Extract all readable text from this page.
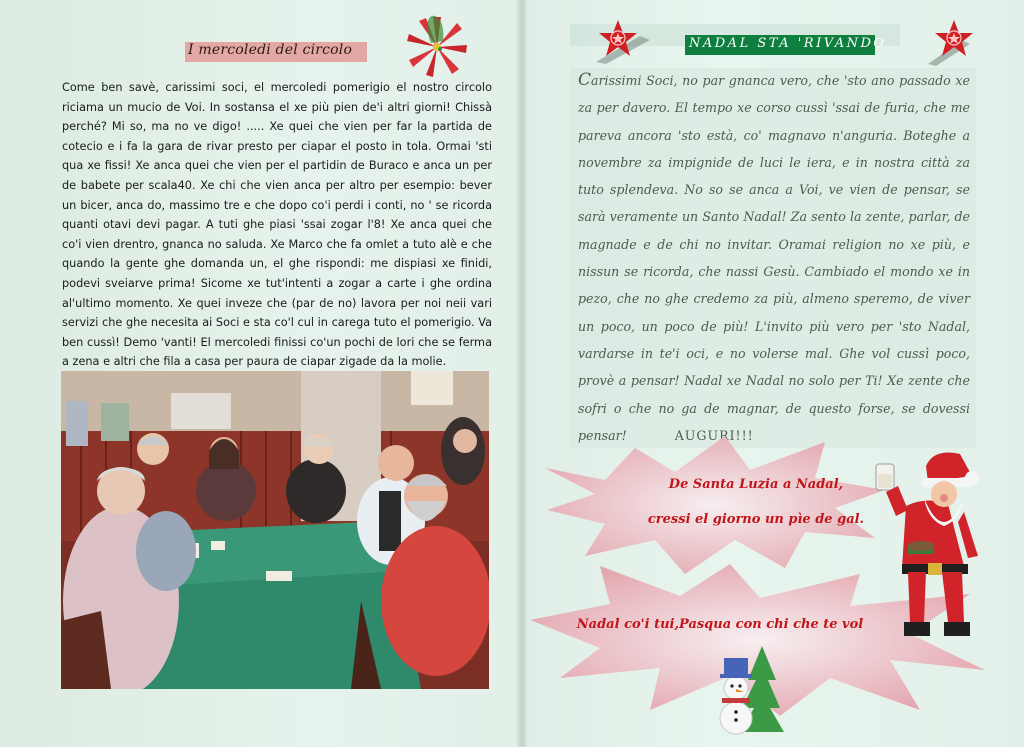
I mercoledi del circolo
Come ben savè, carissimi soci, el mercoledi pomerigio el nostro circolo riciama un mucio de Voi. In sostansa el xe più pien de'i altri giorni! Chissà perché? Mi so, ma no ve digo! ..... Xe quei che vien per far la partida de cotecio e i fa la gara de rivar presto per ciapar el posto in tola. Ormai 'sti qua xe fissi! Xe anca quei che vien per el partidin de Buraco e anca un per de babete per scala40. Xe chi che vien anca per altro per esempio: bever un bicer, anca do, massimo tre e che dopo co'i perdi i conti, no ' se ricorda quanti otavi devi pagar. A tuti ghe piasi 'ssai zogar l'8! Xe anca quei che co'i vien drentro, gnanca no saluda. Xe Marco che fa omlet a tuto alè e che quando la gente ghe domanda un, el ghe rispondi: me dispiasi xe finidi, podevi sveiarve prima! Sicome xe tut'intenti a zogar a carte i ghe ordina al'ultimo momento. Xe quei inveze che (par de no) lavora per noi neii vari servizi che ghe necesita ai Soci e sta co'l cul in carega tuto el pomerigio. Va ben cussì! Demo 'vanti! El mercoledi finissi co'un pochi de lori che se ferma a zena e altri che fila a casa per paura de ciapar zigade da la molie.
NADAL STA 'RIVANDO
Carissimi Soci, no par gnanca vero, che 'sto ano passado xe za per davero. El tempo xe corso cussì 'ssai de furia, che me pareva ancora 'sto està, co' magnavo n'anguria. Boteghe a novembre za impignide de luci le iera, e in nostra città za tuto splendeva. No so se anca a Voi, ve vien de pensar, se sarà veramente un Santo Nadal! Za sento la zente, parlar, de magnade e de chi no invitar. Oramai religion no xe più, e nissun se ricorda, che nassi Gesù. Cambiado el mondo xe in pezo, che no ghe credemo za più, almeno speremo, de viver un poco, un poco de più! L'invito più vero per 'sto Nadal, vardarse in te'i oci, e no volerse mal. Ghe vol cussì poco, provè a pensar! Nadal xe Nadal no solo per Ti! Xe zente che sofri o che no ga de magnar, de questo forse, se dovessi pensar!	AUGURI!!!
De Santa Luzia a Nadal,
cressi el giorno un pìe de gal.
Nadal co'i tui,Pasqua con chi che te vol
